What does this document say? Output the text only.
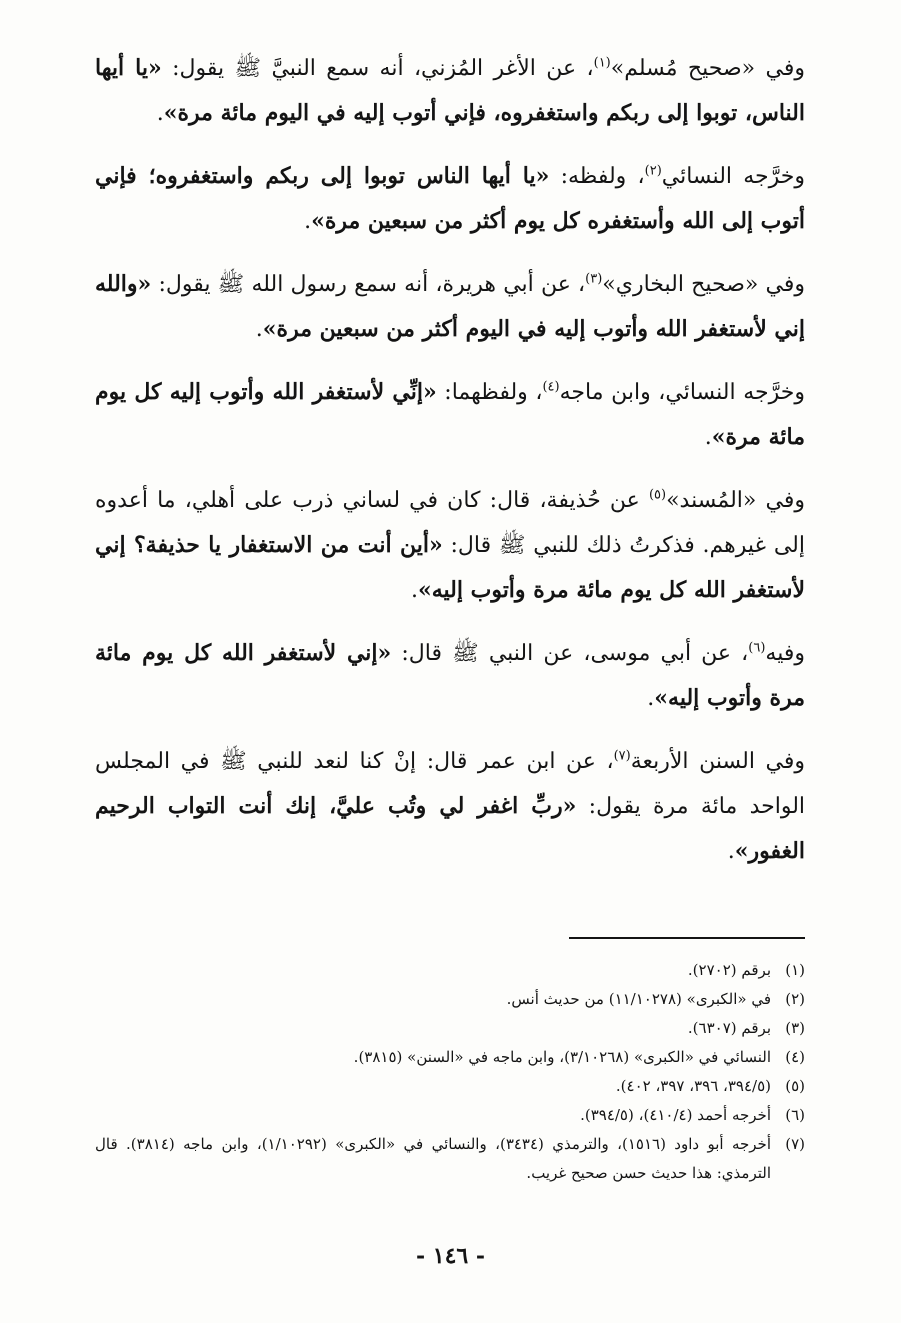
وفي «صحيح مُسلم»$^{(١)}$، عن الأغر المُزني، أنه سمع النبيَّ ﷺ يقول: «يا أيها الناس، توبوا إلى ربكم واستغفروه، فإني أتوب إليه في اليوم مائة مرة».

وخرَّجه النسائي$^{(٢)}$، ولفظه: «يا أيها الناس توبوا إلى ربكم واستغفروه؛ فإني أتوب إلى الله وأستغفره كل يوم أكثر من سبعين مرة».

وفي «صحيح البخاري»$^{(٣)}$، عن أبي هريرة، أنه سمع رسول الله ﷺ يقول: «والله إني لأستغفر الله وأتوب إليه في اليوم أكثر من سبعين مرة».

وخرَّجه النسائي، وابن ماجه$^{(٤)}$، ولفظهما: «إنِّي لأستغفر الله وأتوب إليه كل يوم مائة مرة».

وفي «المُسند»$^{(٥)}$ عن حُذيفة، قال: كان في لساني ذرب على أهلي، ما أعدوه إلى غيرهم. فذكرتُ ذلك للنبي ﷺ قال: «أين أنت من الاستغفار يا حذيفة؟ إني لأستغفر الله كل يوم مائة مرة وأتوب إليه».

وفيه$^{(٦)}$، عن أبي موسى، عن النبي ﷺ قال: «إني لأستغفر الله كل يوم مائة مرة وأتوب إليه».

وفي السنن الأربعة$^{(٧)}$، عن ابن عمر قال: إنْ كنا لنعد للنبي ﷺ في المجلس الواحد مائة مرة يقول: «ربِّ اغفر لي وتُب عليَّ، إنك أنت التواب الرحيم الغفور».

(١)
برقم (٢٧٠٢).
(٢)
في «الكبرى» (١١/١٠٢٧٨) من حديث أنس.
(٣)
برقم (٦٣٠٧).
(٤)
النسائي في «الكبرى» (٣/١٠٢٦٨)، وابن ماجه في «السنن» (٣٨١٥).
(٥)
(٣٩٤/٥، ٣٩٦، ٣٩٧، ٤٠٢).
(٦)
أخرجه أحمد (٤١٠/٤)، (٣٩٤/٥).
(٧)
أخرجه أبو داود (١٥١٦)، والترمذي (٣٤٣٤)، والنسائي في «الكبرى» (١/١٠٢٩٢)، وابن ماجه (٣٨١٤). قال الترمذي: هذا حديث حسن صحيح غريب.
- ١٤٦ -
